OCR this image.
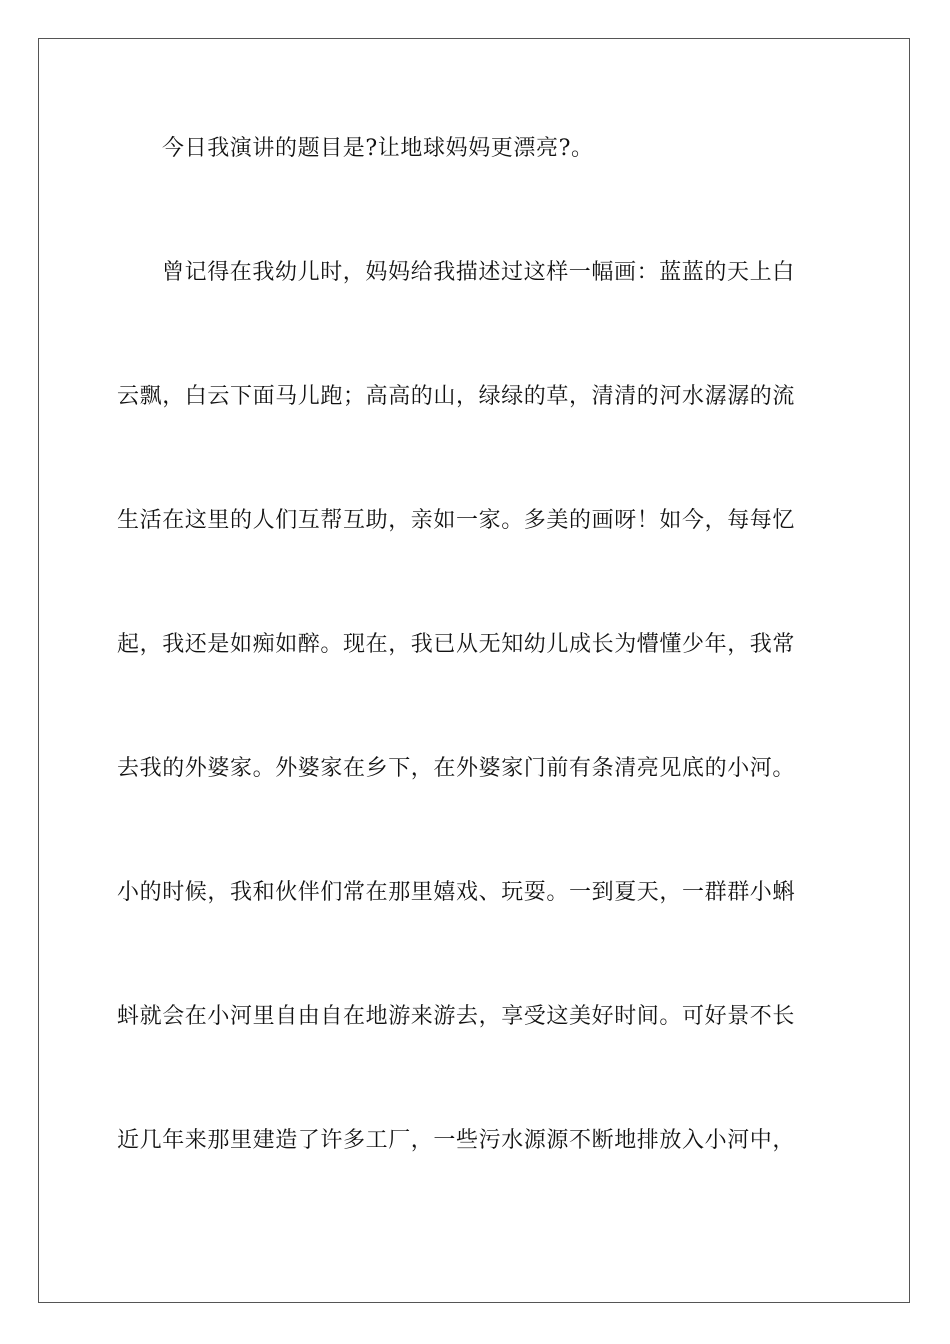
今日我演讲的题目是?让地球妈妈更漂亮?。
曾记得在我幼儿时，妈妈给我描述过这样一幅画：蓝蓝的天上白
云飘，白云下面马儿跑；高高的山，绿绿的草，清清的河水潺潺的流
生活在这里的人们互帮互助，亲如一家。多美的画呀！如今，每每忆
起，我还是如痴如醉。现在，我已从无知幼儿成长为懵懂少年，我常
去我的外婆家。外婆家在乡下，在外婆家门前有条清亮见底的小河。
小的时候，我和伙伴们常在那里嬉戏、玩耍。一到夏天，一群群小蝌
蚪就会在小河里自由自在地游来游去，享受这美好时间。可好景不长
近几年来那里建造了许多工厂，一些污水源源不断地排放入小河中，
